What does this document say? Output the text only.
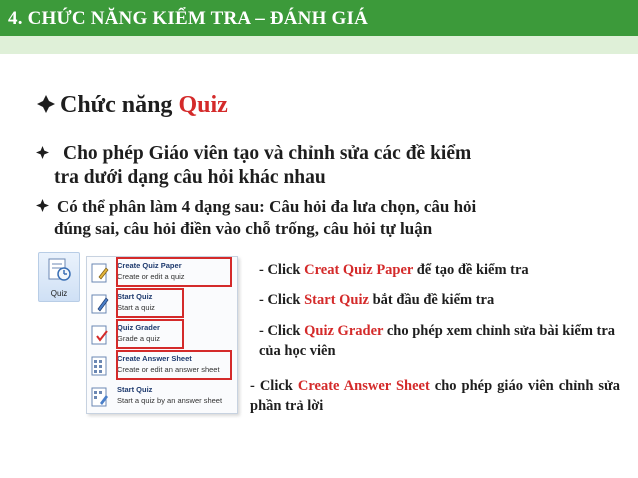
4. CHỨC NĂNG KIỂM TRA – ĐÁNH GIÁ
Chức năng Quiz
Cho phép Giáo viên tạo và chỉnh sửa các đề kiểm
tra dưới dạng câu hỏi khác nhau
Có thể phân làm 4 dạng sau: Câu hỏi đa lưa chọn, câu hỏi
đúng sai, câu hỏi điền vào chỗ trống, câu hỏi tự luận
Quiz
Create Quiz Paper
Create or edit a quiz
Start Quiz
Start a quiz
Quiz Grader
Grade a quiz
Create Answer Sheet
Create or edit an answer sheet
Start Quiz
Start a quiz by an answer sheet
- Click Creat Quiz Paper để tạo đề kiểm tra
- Click Start Quiz bắt đầu đề kiểm tra
- Click Quiz Grader cho phép xem chỉnh sửa bài kiểm tra của học viên
- Click Create Answer Sheet cho phép giáo viên chỉnh sửa phần trả lời
